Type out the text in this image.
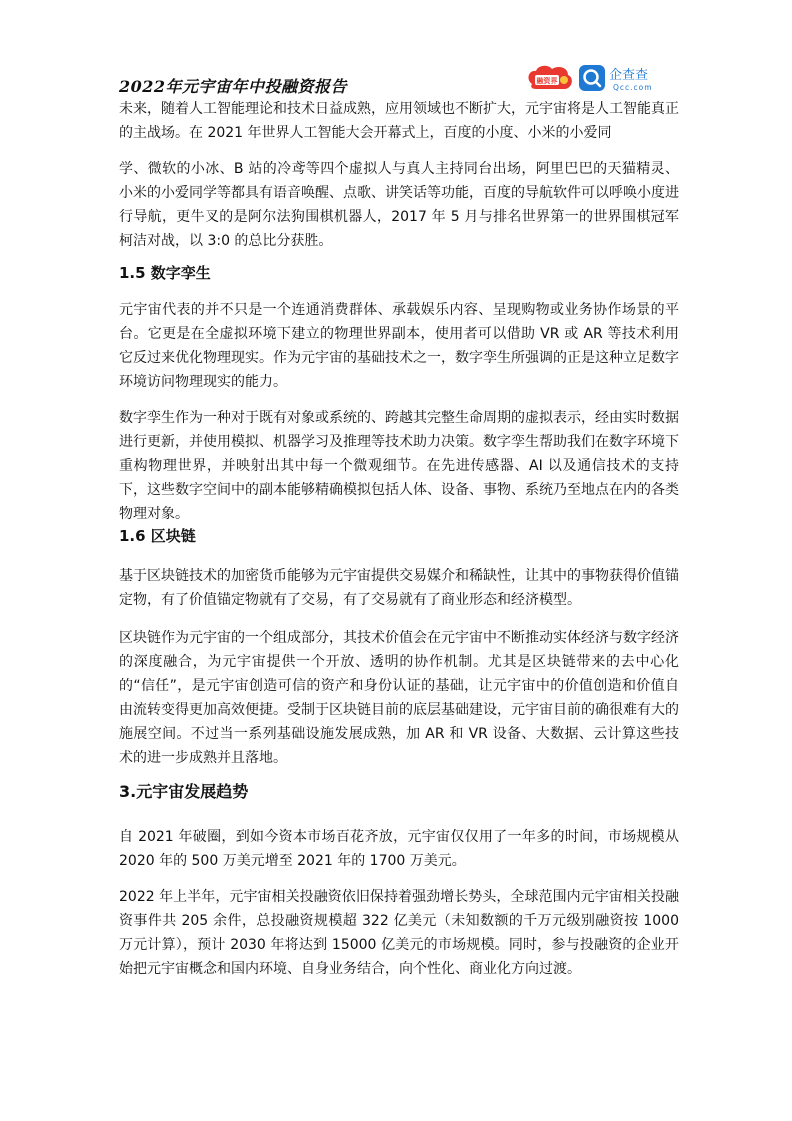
2022年元宇宙年中投融资报告	融资界	企查查
Qcc.com

未来，随着人工智能理论和技术日益成熟，应用领域也不断扩大，元宇宙将是人工智能真正的主战场。在 2021 年世界人工智能大会开幕式上，百度的小度、小米的小爱同

学、微软的小冰、B 站的冷鸢等四个虚拟人与真人主持同台出场，阿里巴巴的天猫精灵、小米的小爱同学等都具有语音唤醒、点歌、讲笑话等功能，百度的导航软件可以呼唤小度进行导航，更牛叉的是阿尔法狗围棋机器人，2017 年 5 月与排名世界第一的世界围棋冠军柯洁对战，以 3:0 的总比分获胜。

1.5 数字孪生

元宇宙代表的并不只是一个连通消费群体、承载娱乐内容、呈现购物或业务协作场景的平台。它更是在全虚拟环境下建立的物理世界副本，使用者可以借助 VR 或 AR 等技术利用它反过来优化物理现实。作为元宇宙的基础技术之一，数字孪生所强调的正是这种立足数字环境访问物理现实的能力。

数字孪生作为一种对于既有对象或系统的、跨越其完整生命周期的虚拟表示，经由实时数据进行更新，并使用模拟、机器学习及推理等技术助力决策。数字孪生帮助我们在数字环境下重构物理世界，并映射出其中每一个微观细节。在先进传感器、AI 以及通信技术的支持下，这些数字空间中的副本能够精确模拟包括人体、设备、事物、系统乃至地点在内的各类物理对象。

1.6 区块链

基于区块链技术的加密货币能够为元宇宙提供交易媒介和稀缺性，让其中的事物获得价值锚定物，有了价值锚定物就有了交易，有了交易就有了商业形态和经济模型。

区块链作为元宇宙的一个组成部分，其技术价值会在元宇宙中不断推动实体经济与数字经济的深度融合，为元宇宙提供一个开放、透明的协作机制。尤其是区块链带来的去中心化的“信任”，是元宇宙创造可信的资产和身份认证的基础，让元宇宙中的价值创造和价值自由流转变得更加高效便捷。受制于区块链目前的底层基础建设，元宇宙目前的确很难有大的施展空间。不过当一系列基础设施发展成熟，加 AR 和 VR 设备、大数据、云计算这些技术的进一步成熟并且落地。

3.元宇宙发展趋势

自 2021 年破圈，到如今资本市场百花齐放，元宇宙仅仅用了一年多的时间，市场规模从 2020 年的 500 万美元增至 2021 年的 1700 万美元。

2022 年上半年，元宇宙相关投融资依旧保持着强劲增长势头，全球范围内元宇宙相关投融资事件共 205 余件，总投融资规模超 322 亿美元（未知数额的千万元级别融资按 1000 万元计算），预计 2030 年将达到 15000 亿美元的市场规模。同时，参与投融资的企业开始把元宇宙概念和国内环境、自身业务结合，向个性化、商业化方向过渡。
